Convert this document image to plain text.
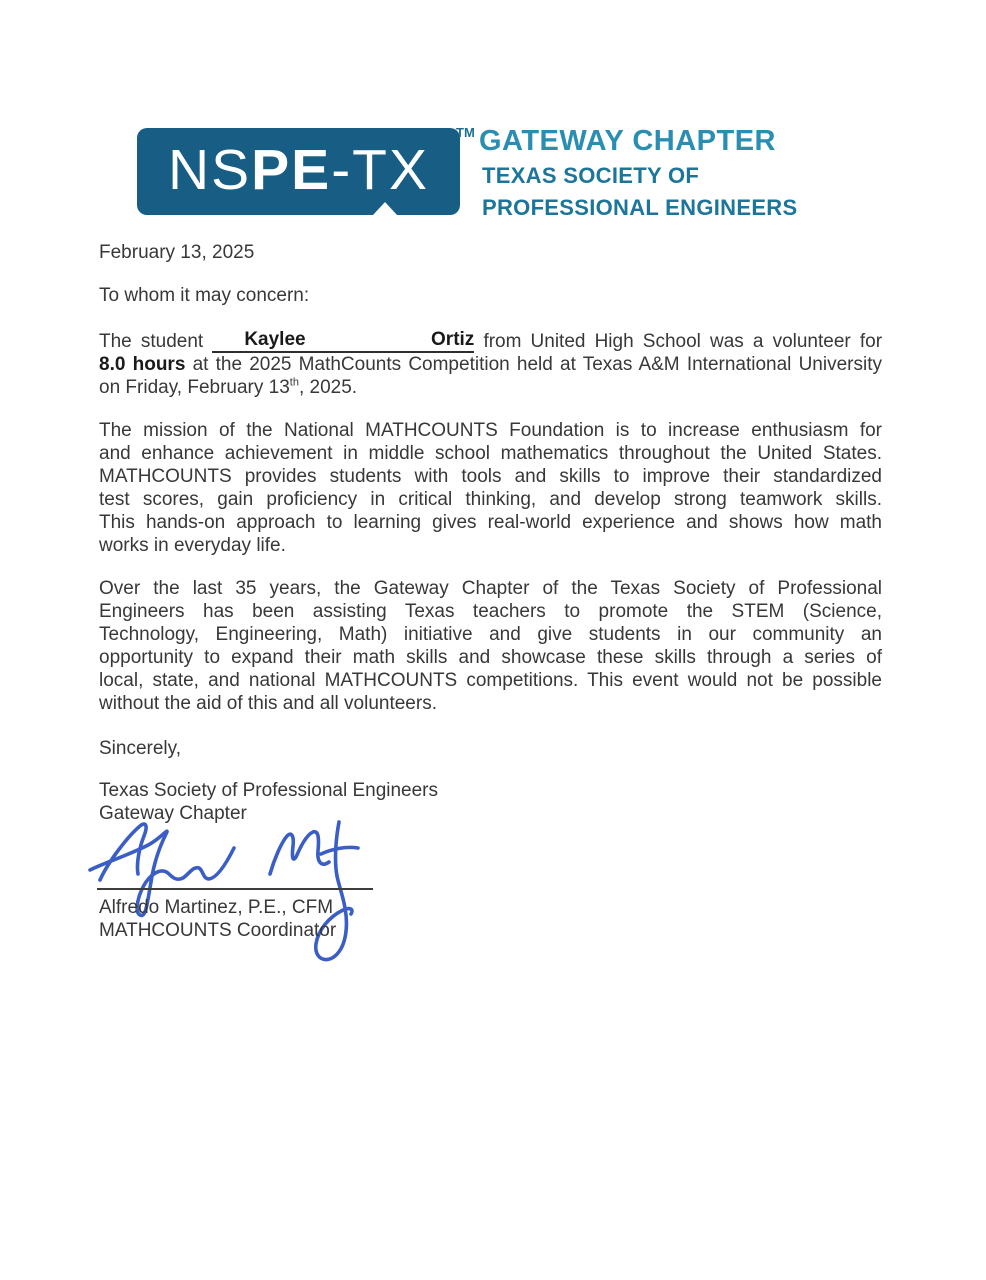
NSPE-TX
TM GATEWAY CHAPTER
TEXAS SOCIETY OF
PROFESSIONAL ENGINEERS
February 13, 2025
To whom it may concern:
The student Kaylee Ortiz from United High School was a volunteer for
8.0 hours at the 2025 MathCounts Competition held at Texas A&M International University
on Friday, February 13th, 2025.
The mission of the National MATHCOUNTS Foundation is to increase enthusiasm for
and enhance achievement in middle school mathematics throughout the United States.
MATHCOUNTS provides students with tools and skills to improve their standardized
test scores, gain proficiency in critical thinking, and develop strong teamwork skills.
This hands-on approach to learning gives real-world experience and shows how math
works in everyday life.
Over the last 35 years, the Gateway Chapter of the Texas Society of Professional
Engineers has been assisting Texas teachers to promote the STEM (Science,
Technology, Engineering, Math) initiative and give students in our community an
opportunity to expand their math skills and showcase these skills through a series of
local, state, and national MATHCOUNTS competitions. This event would not be possible
without the aid of this and all volunteers.
Sincerely,
Texas Society of Professional Engineers
Gateway Chapter
Alfredo Martinez, P.E., CFM
MATHCOUNTS Coordinator
